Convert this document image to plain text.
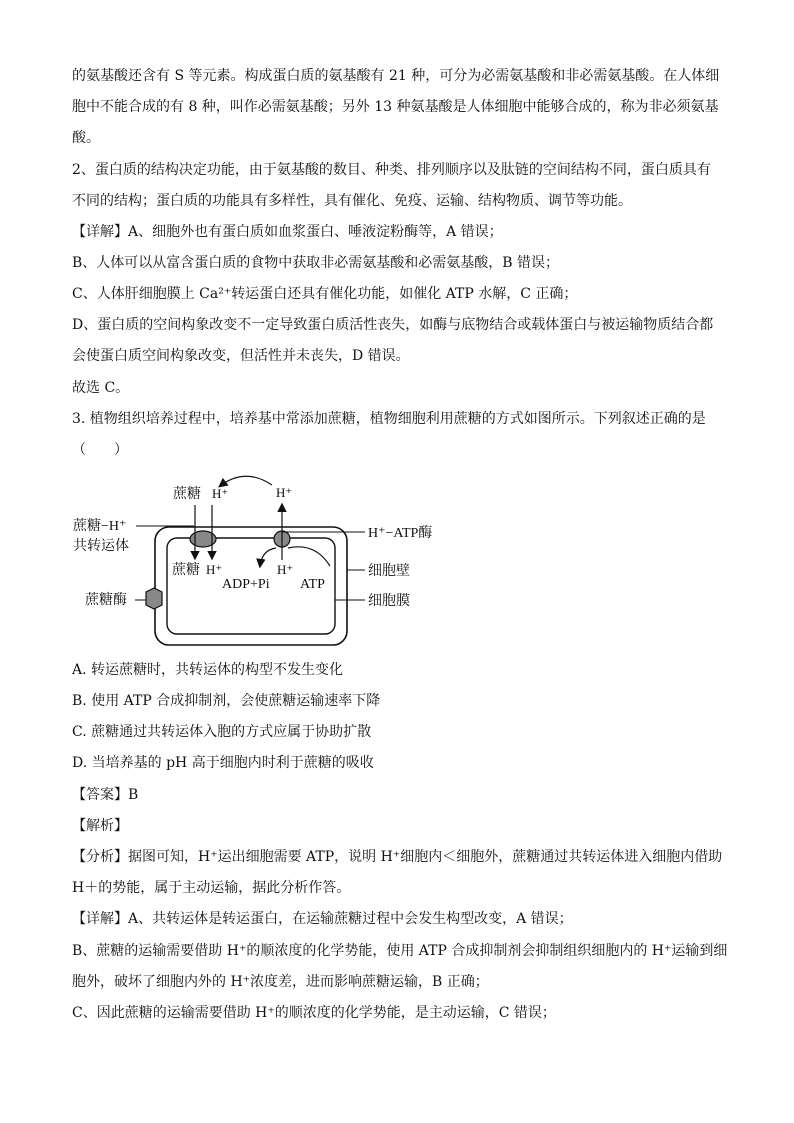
的氨基酸还含有 S 等元素。构成蛋白质的氨基酸有 21 种，可分为必需氨基酸和非必需氨基酸。在人体细
胞中不能合成的有 8 种，叫作必需氨基酸；另外 13 种氨基酸是人体细胞中能够合成的，称为非必须氨基
酸。
2、蛋白质的结构决定功能，由于氨基酸的数目、种类、排列顺序以及肽链的空间结构不同，蛋白质具有
不同的结构；蛋白质的功能具有多样性，具有催化、免疫、运输、结构物质、调节等功能。
【详解】A、细胞外也有蛋白质如血浆蛋白、唾液淀粉酶等，A 错误；
B、人体可以从富含蛋白质的食物中获取非必需氨基酸和必需氨基酸，B 错误；
C、人体肝细胞膜上 Ca²⁺转运蛋白还具有催化功能，如催化 ATP 水解，C 正确；
D、蛋白质的空间构象改变不一定导致蛋白质活性丧失，如酶与底物结合或载体蛋白与被运输物质结合都
会使蛋白质空间构象改变，但活性并未丧失，D 错误。
故选 C。
3. 植物组织培养过程中，培养基中常添加蔗糖，植物细胞利用蔗糖的方式如图所示。下列叙述正确的是
（　　）
蔗糖 H⁺	H⁺
蔗糖−H⁺
共转运体
H⁺−ATP酶
蔗糖 H⁺	H⁺
ADP+Pi ATP
细胞壁
蔗糖酶	细胞膜
A. 转运蔗糖时，共转运体的构型不发生变化
B. 使用 ATP 合成抑制剂，会使蔗糖运输速率下降
C. 蔗糖通过共转运体入胞的方式应属于协助扩散
D. 当培养基的 pH 高于细胞内时利于蔗糖的吸收
【答案】B
【解析】
【分析】据图可知，H⁺运出细胞需要 ATP，说明 H⁺细胞内＜细胞外，蔗糖通过共转运体进入细胞内借助
H＋的势能，属于主动运输，据此分析作答。
【详解】A、共转运体是转运蛋白，在运输蔗糖过程中会发生构型改变，A 错误；
B、蔗糖的运输需要借助 H⁺的顺浓度的化学势能，使用 ATP 合成抑制剂会抑制组织细胞内的 H⁺运输到细
胞外，破坏了细胞内外的 H⁺浓度差，进而影响蔗糖运输，B 正确；
C、因此蔗糖的运输需要借助 H⁺的顺浓度的化学势能，是主动运输，C 错误；
